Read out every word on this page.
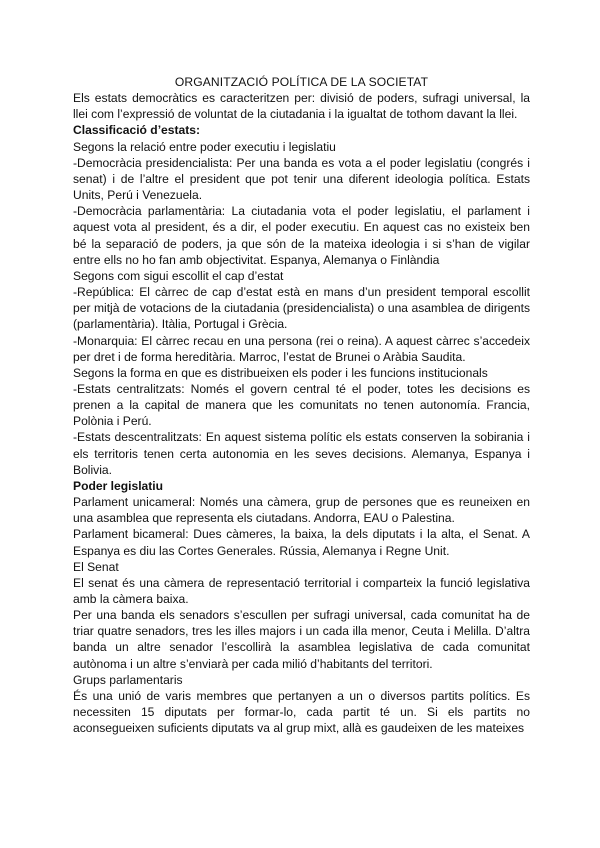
ORGANITZACIÓ POLÍTICA DE LA SOCIETAT
Els estats democràtics es caracteritzen per: divisió de poders, sufragi universal, la llei com l’expressió de voluntat de la ciutadania i la igualtat de tothom davant la llei.
Classificació d’estats:
Segons la relació entre poder executiu i legislatiu
-Democràcia presidencialista: Per una banda es vota a el poder legislatiu (congrés i senat) i de l’altre el president que pot tenir una diferent ideologia política. Estats Units, Perú i Venezuela.
-Democràcia parlamentària: La ciutadania vota el poder legislatiu, el parlament i aquest vota al president, és a dir, el poder executiu. En aquest cas no existeix ben bé la separació de poders, ja que són de la mateixa ideologia i si s’han de vigilar entre ells no ho fan amb objectivitat. Espanya, Alemanya o Finlàndia
Segons com sigui escollit el cap d’estat
-República: El càrrec de cap d’estat està en mans d’un president temporal escollit per mitjà de votacions de la ciutadania (presidencialista) o una asamblea de dirigents (parlamentària). Itàlia, Portugal i Grècia.
-Monarquia: El càrrec recau en una persona (rei o reina). A aquest càrrec s’accedeix per dret i de forma hereditària. Marroc, l’estat de Brunei o Aràbia Saudita.
Segons la forma en que es distribueixen els poder i les funcions institucionals
-Estats centralitzats: Només el govern central té el poder, totes les decisions es prenen a la capital de manera que les comunitats no tenen autonomía. Francia, Polònia i Perú.
-Estats descentralitzats: En aquest sistema polític els estats conserven la sobirania i els territoris tenen certa autonomia en les seves decisions. Alemanya, Espanya i Bolivia.
Poder legislatiu
Parlament unicameral: Només una càmera, grup de persones que es reuneixen en una asamblea que representa els ciutadans. Andorra, EAU o Palestina.
Parlament bicameral: Dues càmeres, la baixa, la dels diputats i la alta, el Senat. A Espanya es diu las Cortes Generales. Rússia, Alemanya i Regne Unit.
El Senat
El senat és una càmera de representació territorial i comparteix la funció legislativa amb la càmera baixa.
Per una banda els senadors s’escullen per sufragi universal, cada comunitat ha de triar quatre senadors, tres les illes majors i un cada illa menor, Ceuta i Melilla. D’altra banda un altre senador l’escollirà la asamblea legislativa de cada comunitat autònoma i un altre s’enviarà per cada milió d’habitants del territori.
Grups parlamentaris
És una unió de varis membres que pertanyen a un o diversos partits polítics. Es necessiten 15 diputats per formar-lo, cada partit té un. Si els partits no aconsegueixen suficients diputats va al grup mixt, allà es gaudeixen de les mateixes
